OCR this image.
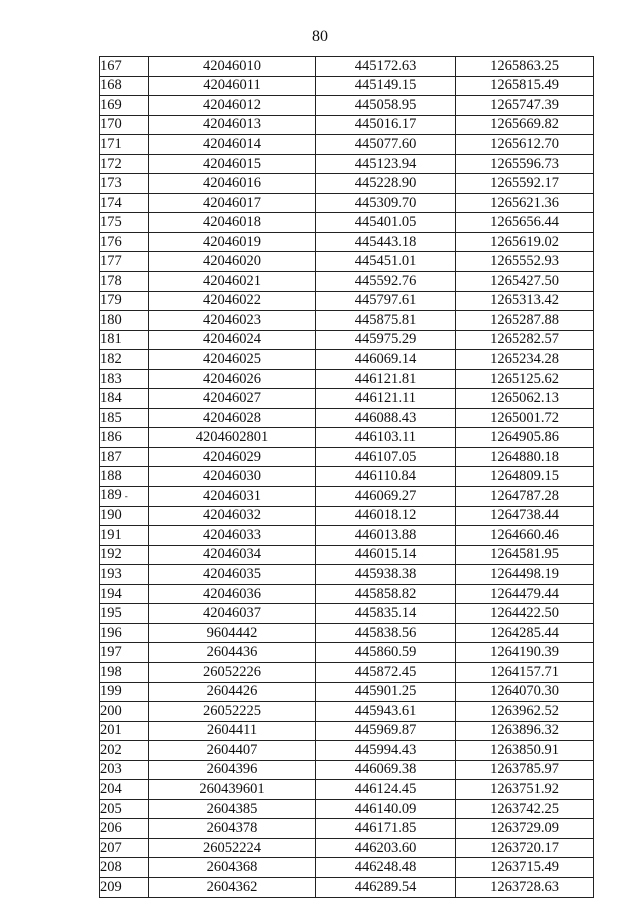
80
167	42046010	445172.63	1265863.25
168	42046011	445149.15	1265815.49
169	42046012	445058.95	1265747.39
170	42046013	445016.17	1265669.82
171	42046014	445077.60	1265612.70
172	42046015	445123.94	1265596.73
173	42046016	445228.90	1265592.17
174	42046017	445309.70	1265621.36
175	42046018	445401.05	1265656.44
176	42046019	445443.18	1265619.02
177	42046020	445451.01	1265552.93
178	42046021	445592.76	1265427.50
179	42046022	445797.61	1265313.42
180	42046023	445875.81	1265287.88
181	42046024	445975.29	1265282.57
182	42046025	446069.14	1265234.28
183	42046026	446121.81	1265125.62
184	42046027	446121.11	1265062.13
185	42046028	446088.43	1265001.72
186	4204602801	446103.11	1264905.86
187	42046029	446107.05	1264880.18
188	42046030	446110.84	1264809.15
189 -	42046031	446069.27	1264787.28
190	42046032	446018.12	1264738.44
191	42046033	446013.88	1264660.46
192	42046034	446015.14	1264581.95
193	42046035	445938.38	1264498.19
194	42046036	445858.82	1264479.44
195	42046037	445835.14	1264422.50
196	9604442	445838.56	1264285.44
197	2604436	445860.59	1264190.39
198	26052226	445872.45	1264157.71
199	2604426	445901.25	1264070.30
200	26052225	445943.61	1263962.52
201	2604411	445969.87	1263896.32
202	2604407	445994.43	1263850.91
203	2604396	446069.38	1263785.97
204	260439601	446124.45	1263751.92
205	2604385	446140.09	1263742.25
206	2604378	446171.85	1263729.09
207	26052224	446203.60	1263720.17
208	2604368	446248.48	1263715.49
209	2604362	446289.54	1263728.63
